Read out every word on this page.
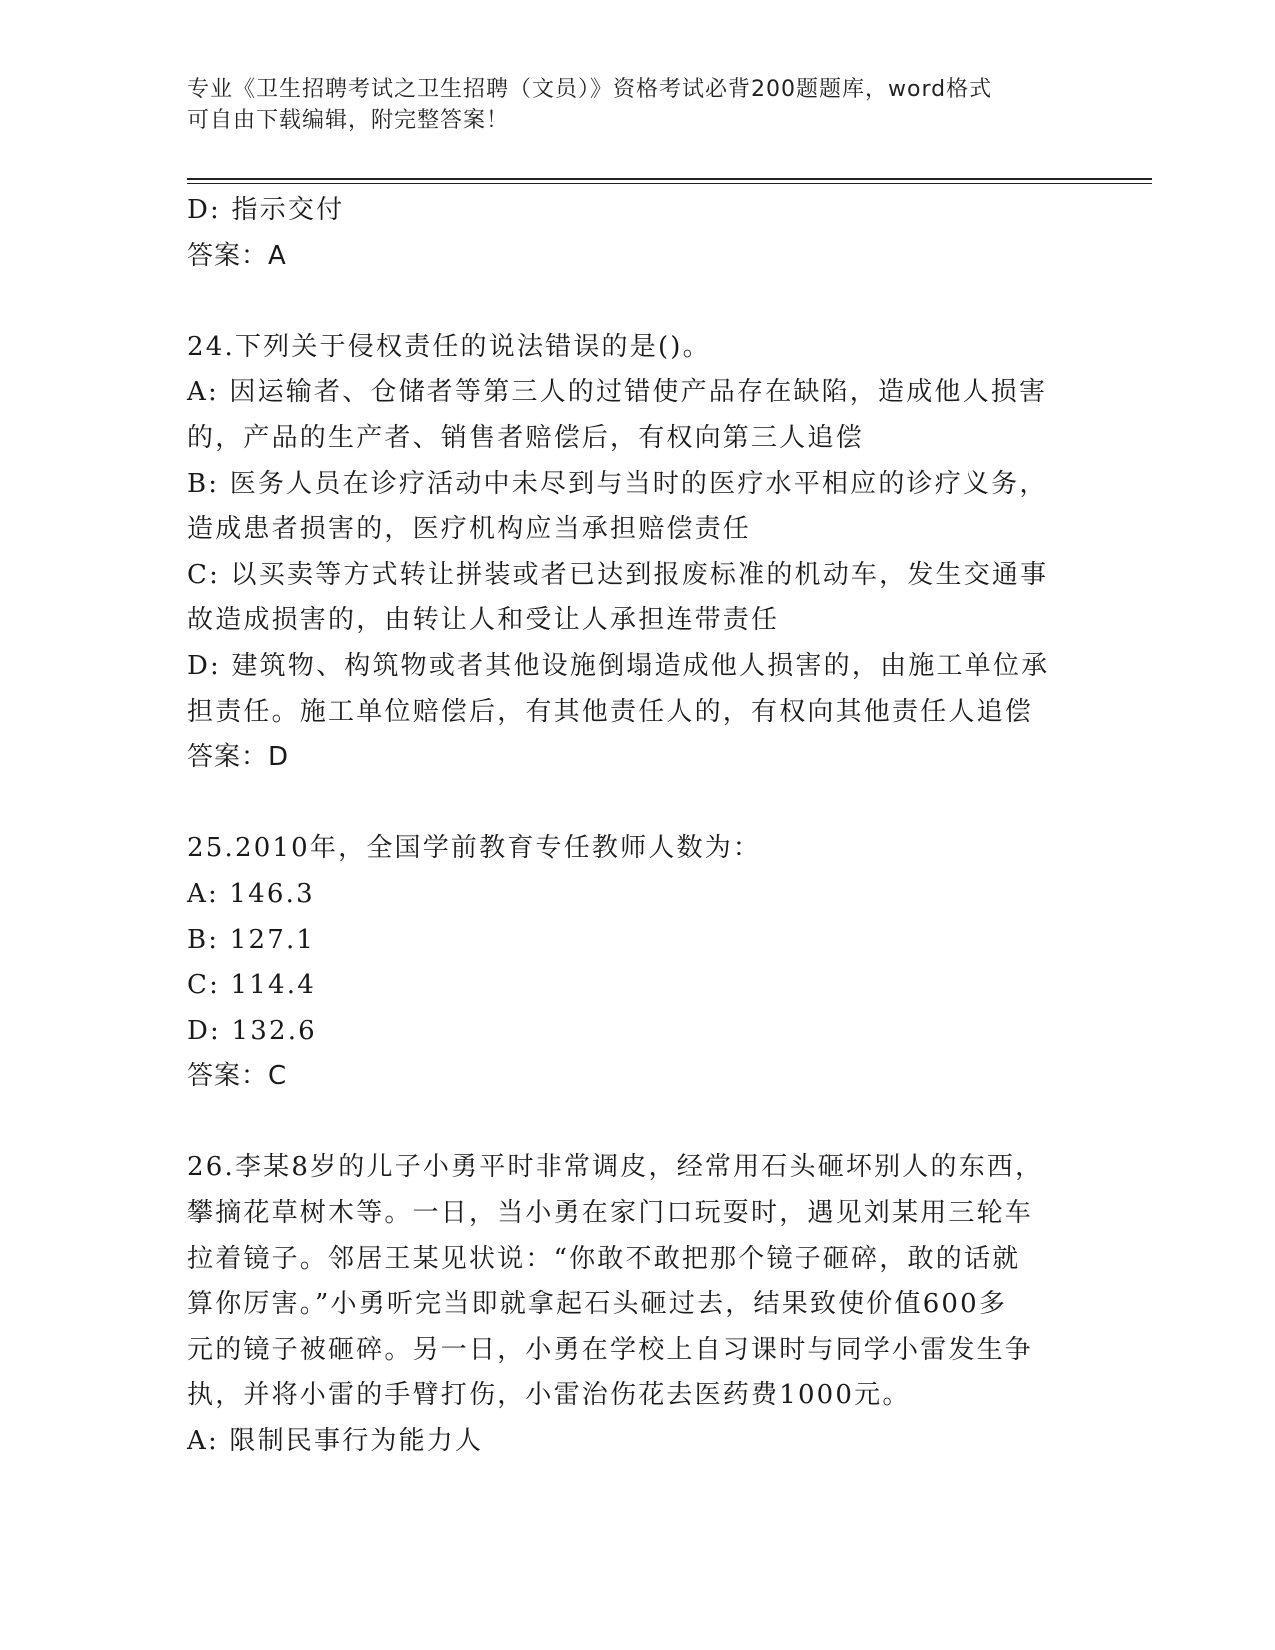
专业《卫生招聘考试之卫生招聘（文员）》资格考试必背200题题库，word格式
可自由下载编辑，附完整答案！
D: 指示交付
答案：A
24.下列关于侵权责任的说法错误的是()。
A: 因运输者、仓储者等第三人的过错使产品存在缺陷，造成他人损害
的，产品的生产者、销售者赔偿后，有权向第三人追偿
B: 医务人员在诊疗活动中未尽到与当时的医疗水平相应的诊疗义务，
造成患者损害的，医疗机构应当承担赔偿责任
C: 以买卖等方式转让拼装或者已达到报废标准的机动车，发生交通事
故造成损害的，由转让人和受让人承担连带责任
D: 建筑物、构筑物或者其他设施倒塌造成他人损害的，由施工单位承
担责任。施工单位赔偿后，有其他责任人的，有权向其他责任人追偿
答案：D
25.2010年，全国学前教育专任教师人数为：
A: 146.3
B: 127.1
C: 114.4
D: 132.6
答案：C
26.李某8岁的儿子小勇平时非常调皮，经常用石头砸坏别人的东西，
攀摘花草树木等。一日，当小勇在家门口玩耍时，遇见刘某用三轮车
拉着镜子。邻居王某见状说：“你敢不敢把那个镜子砸碎，敢的话就
算你厉害。”小勇听完当即就拿起石头砸过去，结果致使价值600多
元的镜子被砸碎。另一日，小勇在学校上自习课时与同学小雷发生争
执，并将小雷的手臂打伤，小雷治伤花去医药费1000元。
A: 限制民事行为能力人
